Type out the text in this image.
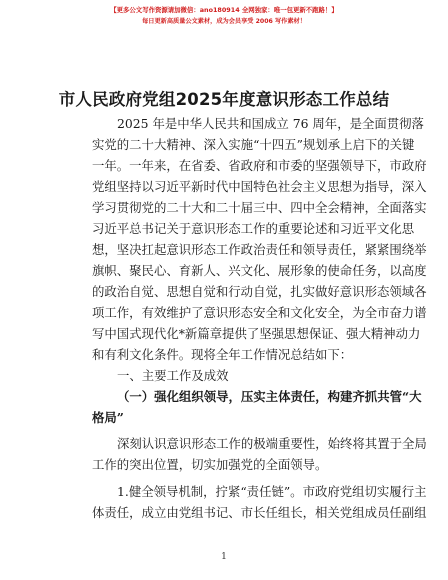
【更多公文写作资源请加微信：ano180914 全网独家：唯一包更新不跑路！】
每日更新高质量公文素材，成为会员享受 2006 写作素材！
市人民政府党组2025年度意识形态工作总结
2025 年是中华人民共和国成立 76 周年，是全面贯彻落
实党的二十大精神、深入实施“十四五”规划承上启下的关键
一年。一年来，在省委、省政府和市委的坚强领导下，市政府
党组坚持以习近平新时代中国特色社会主义思想为指导，深入
学习贯彻党的二十大和二十届三中、四中全会精神，全面落实
习近平总书记关于意识形态工作的重要论述和习近平文化思
想，坚决扛起意识形态工作政治责任和领导责任，紧紧围绕举
旗帜、聚民心、育新人、兴文化、展形象的使命任务，以高度
的政治自觉、思想自觉和行动自觉，扎实做好意识形态领域各
项工作，有效维护了意识形态安全和文化安全，为全市奋力谱
写中国式现代化*新篇章提供了坚强思想保证、强大精神动力
和有利文化条件。现将全年工作情况总结如下：
一、主要工作及成效
（一）强化组织领导，压实主体责任，构建齐抓共管“大
格局”
深刻认识意识形态工作的极端重要性，始终将其置于全局
工作的突出位置，切实加强党的全面领导。
1.健全领导机制，拧紧“责任链”。市政府党组切实履行主
体责任，成立由党组书记、市长任组长，相关党组成员任副组
1
